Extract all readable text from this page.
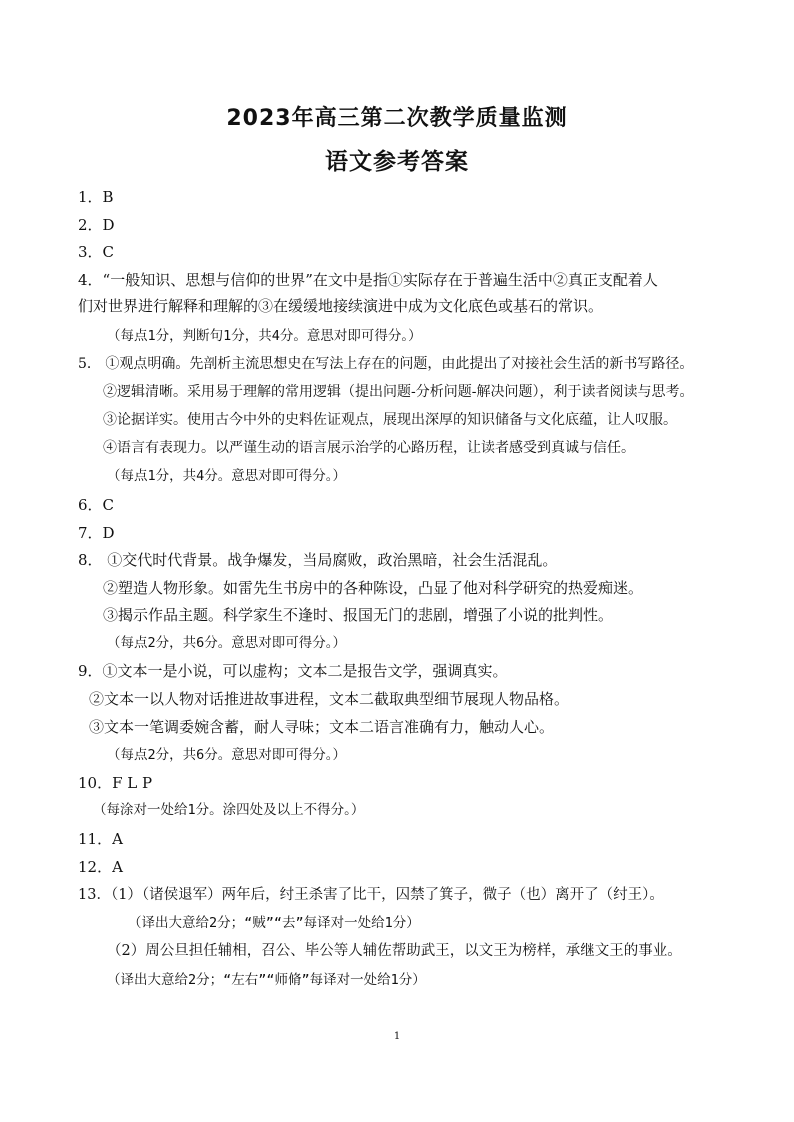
2023年高三第二次教学质量监测
语文参考答案
1．B
2．D
3．C
4．“一般知识、思想与信仰的世界”在文中是指①实际存在于普遍生活中②真正支配着人
们对世界进行解释和理解的③在缓缓地接续演进中成为文化底色或基石的常识。
（每点1分，判断句1分，共4分。意思对即可得分。）
5． ①观点明确。先剖析主流思想史在写法上存在的问题，由此提出了对接社会生活的新书写路径。
②逻辑清晰。采用易于理解的常用逻辑（提出问题-分析问题-解决问题），利于读者阅读与思考。
③论据详实。使用古今中外的史料佐证观点，展现出深厚的知识储备与文化底蕴，让人叹服。
④语言有表现力。以严谨生动的语言展示治学的心路历程，让读者感受到真诚与信任。
（每点1分，共4分。意思对即可得分。）
6．C
7．D
8． ①交代时代背景。战争爆发，当局腐败，政治黑暗，社会生活混乱。
②塑造人物形象。如雷先生书房中的各种陈设，凸显了他对科学研究的热爱痴迷。
③揭示作品主题。科学家生不逢时、报国无门的悲剧，增强了小说的批判性。
（每点2分，共6分。意思对即可得分。）
9．①文本一是小说，可以虚构；文本二是报告文学，强调真实。
②文本一以人物对话推进故事进程，文本二截取典型细节展现人物品格。
③文本一笔调委婉含蓄，耐人寻味；文本二语言准确有力，触动人心。
（每点2分，共6分。意思对即可得分。）
10．F L P
（每涂对一处给1分。涂四处及以上不得分。）
11．A
12．A
13．（1）（诸侯退军）两年后，纣王杀害了比干，囚禁了箕子，微子（也）离开了（纣王）。
（译出大意给2分；“贼”“去”每译对一处给1分）
（2）周公旦担任辅相，召公、毕公等人辅佐帮助武王，以文王为榜样，承继文王的事业。
（译出大意给2分；“左右”“师脩”每译对一处给1分）
1
